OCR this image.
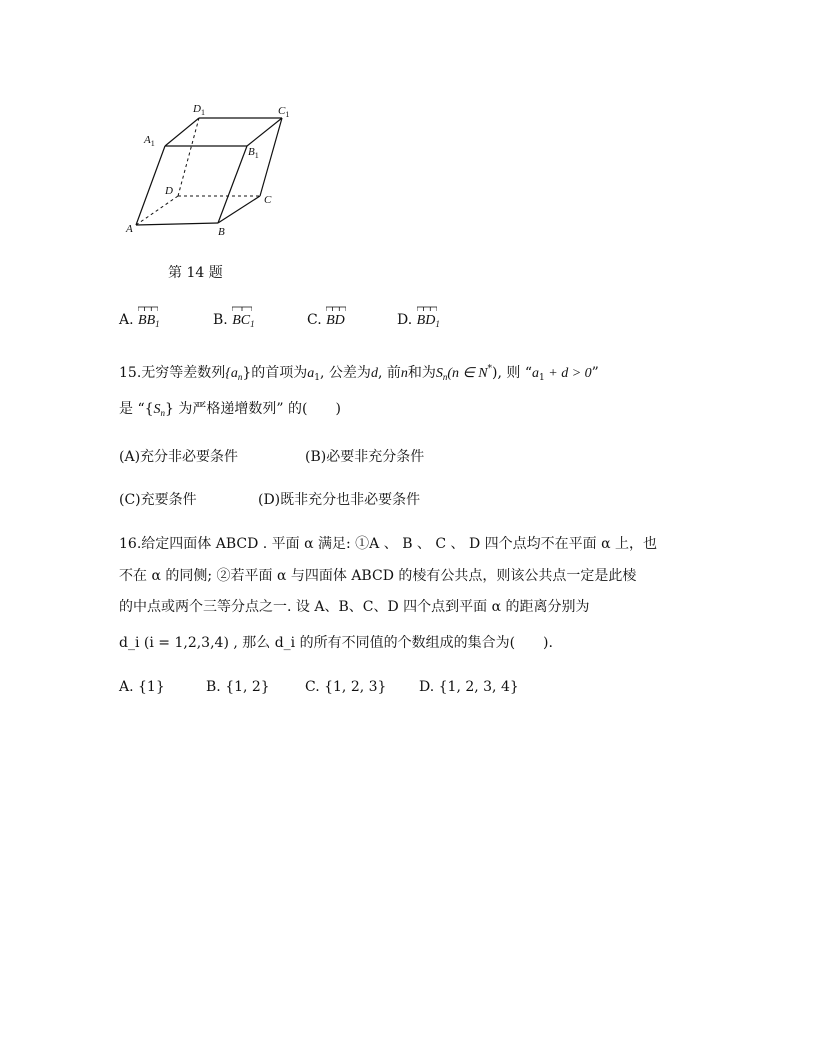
A	B
C
D
$A_1$
$B_1$
$C_1$
$D_1$
第 14 题
A. $BB_1$	B. $BC_1$	C. BD	D. $BD_1$
15.无穷等差数列$\{a_n\}$的首项为$a_1$, 公差为d, 前n和为$S_n(n$ ∈ N*), 则 “$a_1 + d > 0$”
是 “$\{S_n\}$ 为严格递增数列” 的(　　)
(A)充分非必要条件	(B)必要非充分条件
(C)充要条件	(D)既非充分也非必要条件
16.给定四面体 ABCD . 平面 α 满足: ①A 、 B 、 C 、 D 四个点均不在平面 α 上，也
不在 α 的同侧; ②若平面 α 与四面体 ABCD 的棱有公共点，则该公共点一定是此棱
的中点或两个三等分点之一. 设 A、B、C、D 四个点到平面 α 的距离分别为
d_i (i = 1,2,3,4) , 那么 d_i 的所有不同值的个数组成的集合为(　　).
A. {1}	B. {1, 2}	C. {1, 2, 3} D. {1, 2, 3, 4}
